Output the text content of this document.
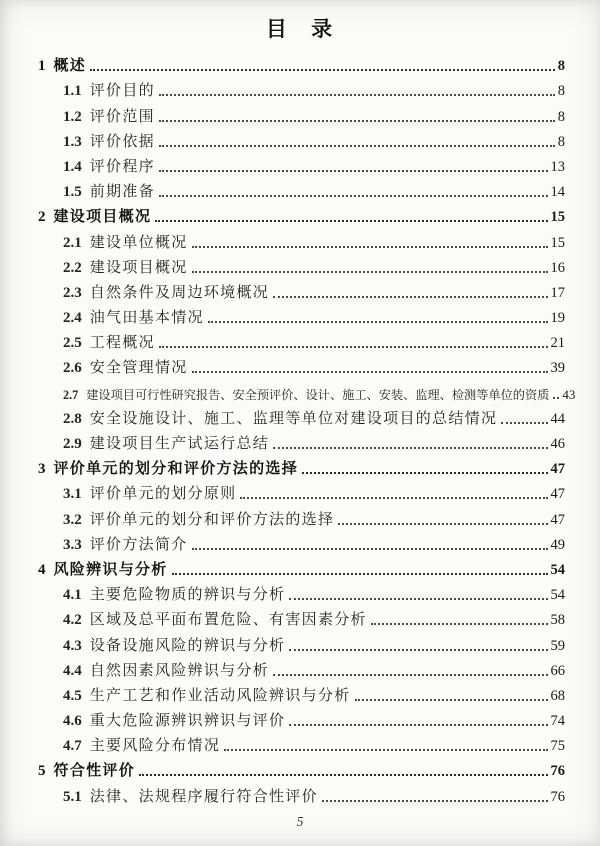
目 录
1 概述	8
1.1 评价目的	8
1.2 评价范围	8
1.3 评价依据	8
1.4 评价程序	13
1.5 前期准备	14
2 建设项目概况	15
2.1 建设单位概况	15
2.2 建设项目概况	16
2.3 自然条件及周边环境概况	17
2.4 油气田基本情况	19
2.5 工程概况	21
2.6 安全管理情况	39
2.7 建设项目可行性研究报告、安全预评价、设计、施工、安装、监理、检测等单位的资质 43
2.8 安全设施设计、施工、监理等单位对建设项目的总结情况	44
2.9 建设项目生产试运行总结	46
3 评价单元的划分和评价方法的选择	47
3.1 评价单元的划分原则	47
3.2 评价单元的划分和评价方法的选择	47
3.3 评价方法简介	49
4 风险辨识与分析	54
4.1 主要危险物质的辨识与分析	54
4.2 区域及总平面布置危险、有害因素分析	58
4.3 设备设施风险的辨识与分析	59
4.4 自然因素风险辨识与分析	66
4.5 生产工艺和作业活动风险辨识与分析	68
4.6 重大危险源辨识辨识与评价	74
4.7 主要风险分布情况	75
5 符合性评价	76
5.1 法律、法规程序履行符合性评价	76
5
